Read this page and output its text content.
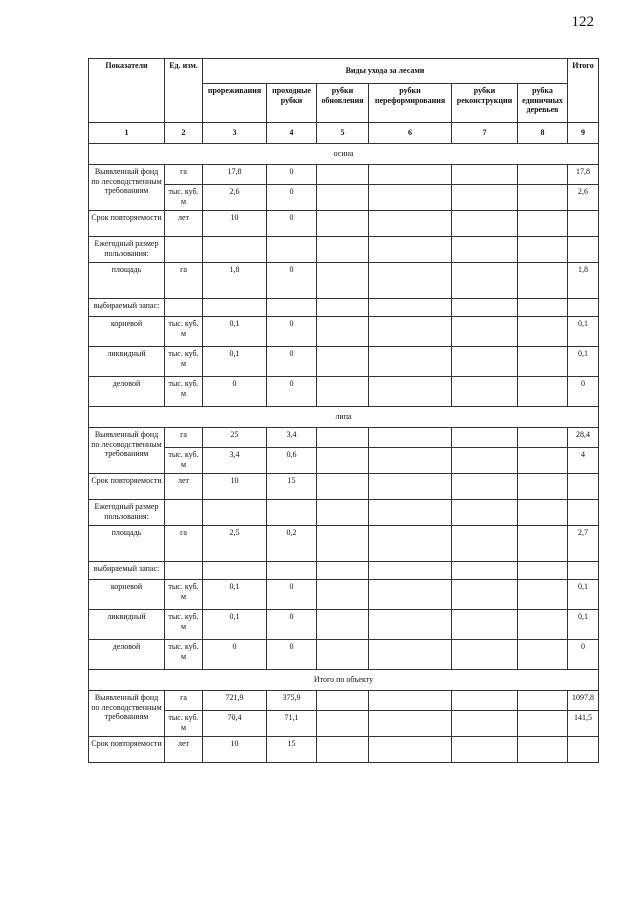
122
Показатели	Ед. изм.	Виды ухода за лесами						Итого
		прореживания	проходные рубки	рубки обновления	рубки переформирования	рубки реконструкции	рубка единичных деревьев	
1	2	3	4	5	6	7	8	9
осина								
Выявленный фонд по лесоводственным требованиям	га	17,8	0					17,8
	тыс. куб. м	2,6	0					2,6
Срок повторяемости	лет	10	0					
Ежегодный размер пользования:								
площадь	га	1,8	0					1,8
выбираемый запас:								
корневой	тыс. куб. м	0,1	0					0,1
ликвидный	тыс. куб. м	0,1	0					0,1
деловой	тыс. куб. м	0	0					0
липа								
Выявленный фонд по лесоводственным требованиям	га	25	3,4					28,4
	тыс. куб. м	3,4	0,6					4
Срок повторяемости	лет	10	15					
Ежегодный размер пользования:								
площадь	га	2,5	0,2					2,7
выбираемый запас:								
корневой	тыс. куб. м	0,1	0					0,1
ликвидный	тыс. куб. м	0,1	0					0,1
деловой	тыс. куб. м	0	0					0
Итого по объекту								
Выявленный фонд по лесоводственным требованиям	га	721,9	375,9					1097,8
	тыс. куб. м	70,4	71,1					141,5
Срок повторяемости	лет	10	15					
